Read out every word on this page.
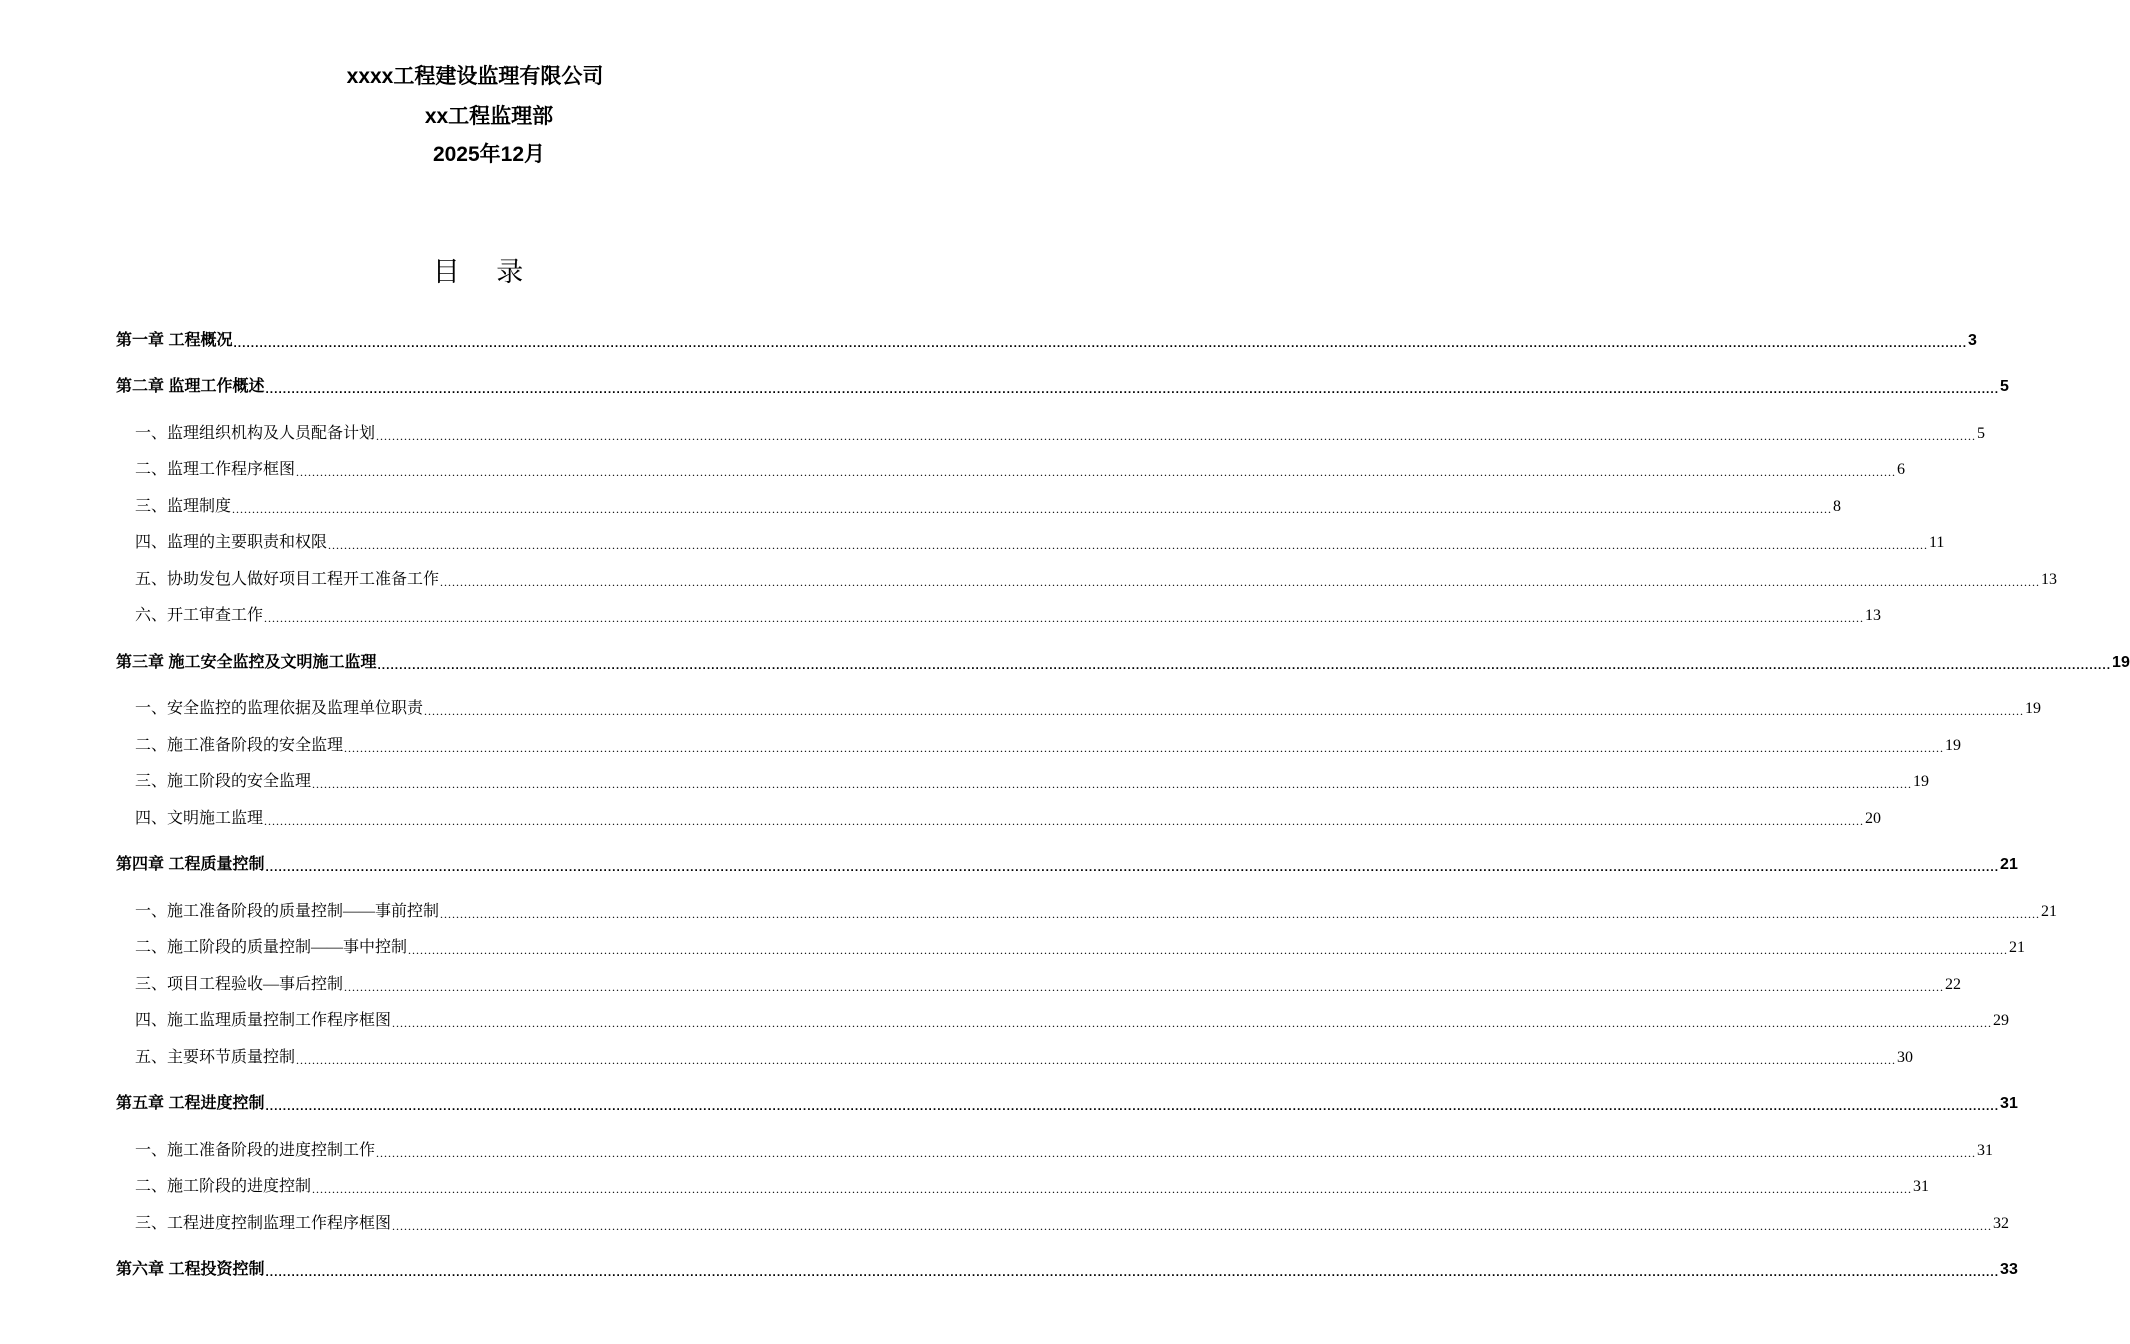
xxxx工程建设监理有限公司
xx工程监理部
2025年12月
目 录
第一章 工程概况 ................................................................................................................................................................................................................................................................................................................................................................................................................ 3
第二章 监理工作概述 ................................................................................................................................................................................................................................................................................................................................................................................................................ 5
一、监理组织机构及人员配备计划 ................................................................................................................................................................................................................................................................................................................................................................................................................ 5
二、监理工作程序框图 ................................................................................................................................................................................................................................................................................................................................................................................................................ 6
三、监理制度 ................................................................................................................................................................................................................................................................................................................................................................................................................ 8
四、监理的主要职责和权限 ................................................................................................................................................................................................................................................................................................................................................................................................................ 11
五、协助发包人做好项目工程开工准备工作 ................................................................................................................................................................................................................................................................................................................................................................................................................ 13
六、开工审查工作 ................................................................................................................................................................................................................................................................................................................................................................................................................ 13
第三章 施工安全监控及文明施工监理 ................................................................................................................................................................................................................................................................................................................................................................................................................ 19
一、安全监控的监理依据及监理单位职责 ................................................................................................................................................................................................................................................................................................................................................................................................................ 19
二、施工准备阶段的安全监理 ................................................................................................................................................................................................................................................................................................................................................................................................................ 19
三、施工阶段的安全监理 ................................................................................................................................................................................................................................................................................................................................................................................................................ 19
四、文明施工监理 ................................................................................................................................................................................................................................................................................................................................................................................................................ 20
第四章 工程质量控制 ................................................................................................................................................................................................................................................................................................................................................................................................................ 21
一、施工准备阶段的质量控制——事前控制 ................................................................................................................................................................................................................................................................................................................................................................................................................ 21
二、施工阶段的质量控制——事中控制 ................................................................................................................................................................................................................................................................................................................................................................................................................ 21
三、项目工程验收—事后控制 ................................................................................................................................................................................................................................................................................................................................................................................................................ 22
四、施工监理质量控制工作程序框图 ................................................................................................................................................................................................................................................................................................................................................................................................................ 29
五、主要环节质量控制 ................................................................................................................................................................................................................................................................................................................................................................................................................ 30
第五章 工程进度控制 ................................................................................................................................................................................................................................................................................................................................................................................................................ 31
一、施工准备阶段的进度控制工作 ................................................................................................................................................................................................................................................................................................................................................................................................................ 31
二、施工阶段的进度控制 ................................................................................................................................................................................................................................................................................................................................................................................................................ 31
三、工程进度控制监理工作程序框图 ................................................................................................................................................................................................................................................................................................................................................................................................................ 32
第六章 工程投资控制 ................................................................................................................................................................................................................................................................................................................................................................................................................ 33
